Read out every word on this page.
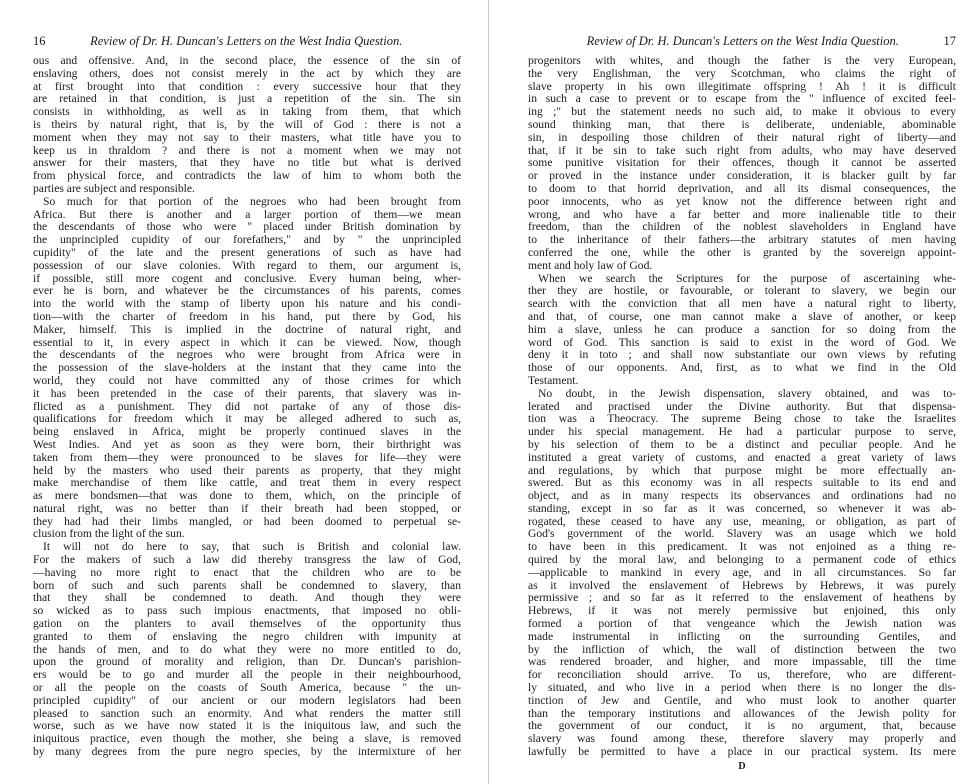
16	Review of Dr. H. Duncan's Letters on the West India Question.
ous and offensive. And, in the second place, the essence of the sin of
enslaving others, does not consist merely in the act by which they are
at first brought into that condition : every successive hour that they
are retained in that condition, is just a repetition of the sin. The sin
consists in withholding, as well as in taking from them, that which
is theirs by natural right, that is, by the will of God : there is not a
moment when they may not say to their masters, what title have you to
keep us in thraldom ? and there is not a moment when we may not
answer for their masters, that they have no title but what is derived
from physical force, and contradicts the law of him to whom both the
parties are subject and responsible.
So much for that portion of the negroes who had been brought from
Africa. But there is another and a larger portion of them—we mean
the descendants of those who were " placed under British domination by
the unprincipled cupidity of our forefathers," and by " the unprincipled
cupidity" of the late and the present generations of such as have had
possession of our slave colonies. With regard to them, our argument is,
if possible, still more cogent and conclusive. Every human being, wher-
ever he is born, and whatever be the circumstances of his parents, comes
into the world with the stamp of liberty upon his nature and his condi-
tion—with the charter of freedom in his hand, put there by God, his
Maker, himself. This is implied in the doctrine of natural right, and
essential to it, in every aspect in which it can be viewed. Now, though
the descendants of the negroes who were brought from Africa were in
the possession of the slave-holders at the instant that they came into the
world, they could not have committed any of those crimes for which
it has been pretended in the case of their parents, that slavery was in-
flicted as a punishment. They did not partake of any of those dis-
qualifications for freedom which it may be alleged adhered to such as,
being enslaved in Africa, might be properly continued slaves in the
West Indies. And yet as soon as they were born, their birthright was
taken from them—they were pronounced to be slaves for life—they were
held by the masters who used their parents as property, that they might
make merchandise of them like cattle, and treat them in every respect
as mere bondsmen—that was done to them, which, on the principle of
natural right, was no better than if their breath had been stopped, or
they had had their limbs mangled, or had been doomed to perpetual se-
clusion from the light of the sun.
It will not do here to say, that such is British and colonial law.
For the makers of such a law did thereby transgress the law of God,
—having no more right to enact that the children who are to be
born of such and such parents shall be condemned to slavery, than
that they shall be condemned to death. And though they were
so wicked as to pass such impious enactments, that imposed no obli-
gation on the planters to avail themselves of the opportunity thus
granted to them of enslaving the negro children with impunity at
the hands of men, and to do what they were no more entitled to do,
upon the ground of morality and religion, than Dr. Duncan's parishion-
ers would be to go and murder all the people in their neighbourhood,
or all the people on the coasts of South America, because " the un-
principled cupidity" of our ancient or our modern legislators had been
pleased to sanction such an enormity. And what renders the matter still
worse, such as we have now stated it is the iniquitous law, and such the
iniquitous practice, even though the mother, she being a slave, is removed
by many degrees from the pure negro species, by the intermixture of her
Review of Dr. H. Duncan's Letters on the West India Question.	17
progenitors with whites, and though the father is the very European,
the very Englishman, the very Scotchman, who claims the right of
slave property in his own illegitimate offspring ! Ah ! it is difficult
in such a case to prevent or to escape from the " influence of excited feel-
ing ;" but the statement needs no such aid, to make it obvious to every
sound thinking man, that there is deliberate, undeniable, abominable
sin, in despoiling those children of their natural right of liberty—and
that, if it be sin to take such right from adults, who may have deserved
some punitive visitation for their offences, though it cannot be asserted
or proved in the instance under consideration, it is blacker guilt by far
to doom to that horrid deprivation, and all its dismal consequences, the
poor innocents, who as yet know not the difference between right and
wrong, and who have a far better and more inalienable title to their
freedom, than the children of the noblest slaveholders in England have
to the inheritance of their fathers—the arbitrary statutes of men having
conferred the one, while the other is granted by the sovereign appoint-
ment and holy law of God.
When we search the Scriptures for the purpose of ascertaining whe-
ther they are hostile, or favourable, or tolerant to slavery, we begin our
search with the conviction that all men have a natural right to liberty,
and that, of course, one man cannot make a slave of another, or keep
him a slave, unless he can produce a sanction for so doing from the
word of God. This sanction is said to exist in the word of God. We
deny it in toto ; and shall now substantiate our own views by refuting
those of our opponents. And, first, as to what we find in the Old
Testament.
No doubt, in the Jewish dispensation, slavery obtained, and was to-
lerated and practised under the Divine authority. But that dispensa-
tion was a Theocracy. The supreme Being chose to take the Israelites
under his special management. He had a particular purpose to serve,
by his selection of them to be a distinct and peculiar people. And he
instituted a great variety of customs, and enacted a great variety of laws
and regulations, by which that purpose might be more effectually an-
swered. But as this economy was in all respects suitable to its end and
object, and as in many respects its observances and ordinations had no
standing, except in so far as it was concerned, so whenever it was ab-
rogated, these ceased to have any use, meaning, or obligation, as part of
God's government of the world. Slavery was an usage which we hold
to have been in this predicament. It was not enjoined as a thing re-
quired by the moral law, and belonging to a permanent code of ethics
—applicable to mankind in every age, and in all circumstances. So far
as it involved the enslavement of Hebrews by Hebrews, it was purely
permissive ; and so far as it referred to the enslavement of heathens by
Hebrews, if it was not merely permissive but enjoined, this only
formed a portion of that vengeance which the Jewish nation was
made instrumental in inflicting on the surrounding Gentiles, and
by the infliction of which, the wall of distinction between the two
was rendered broader, and higher, and more impassable, till the time
for reconciliation should arrive. To us, therefore, who are different-
ly situated, and who live in a period when there is no longer the dis-
tinction of Jew and Gentile, and who must look to another quarter
than the temporary institutions and allowances of the Jewish polity for
the government of our conduct, it is no argument, that, because
slavery was found among these, therefore slavery may properly and
lawfully be permitted to have a place in our practical system. Its mere
D
